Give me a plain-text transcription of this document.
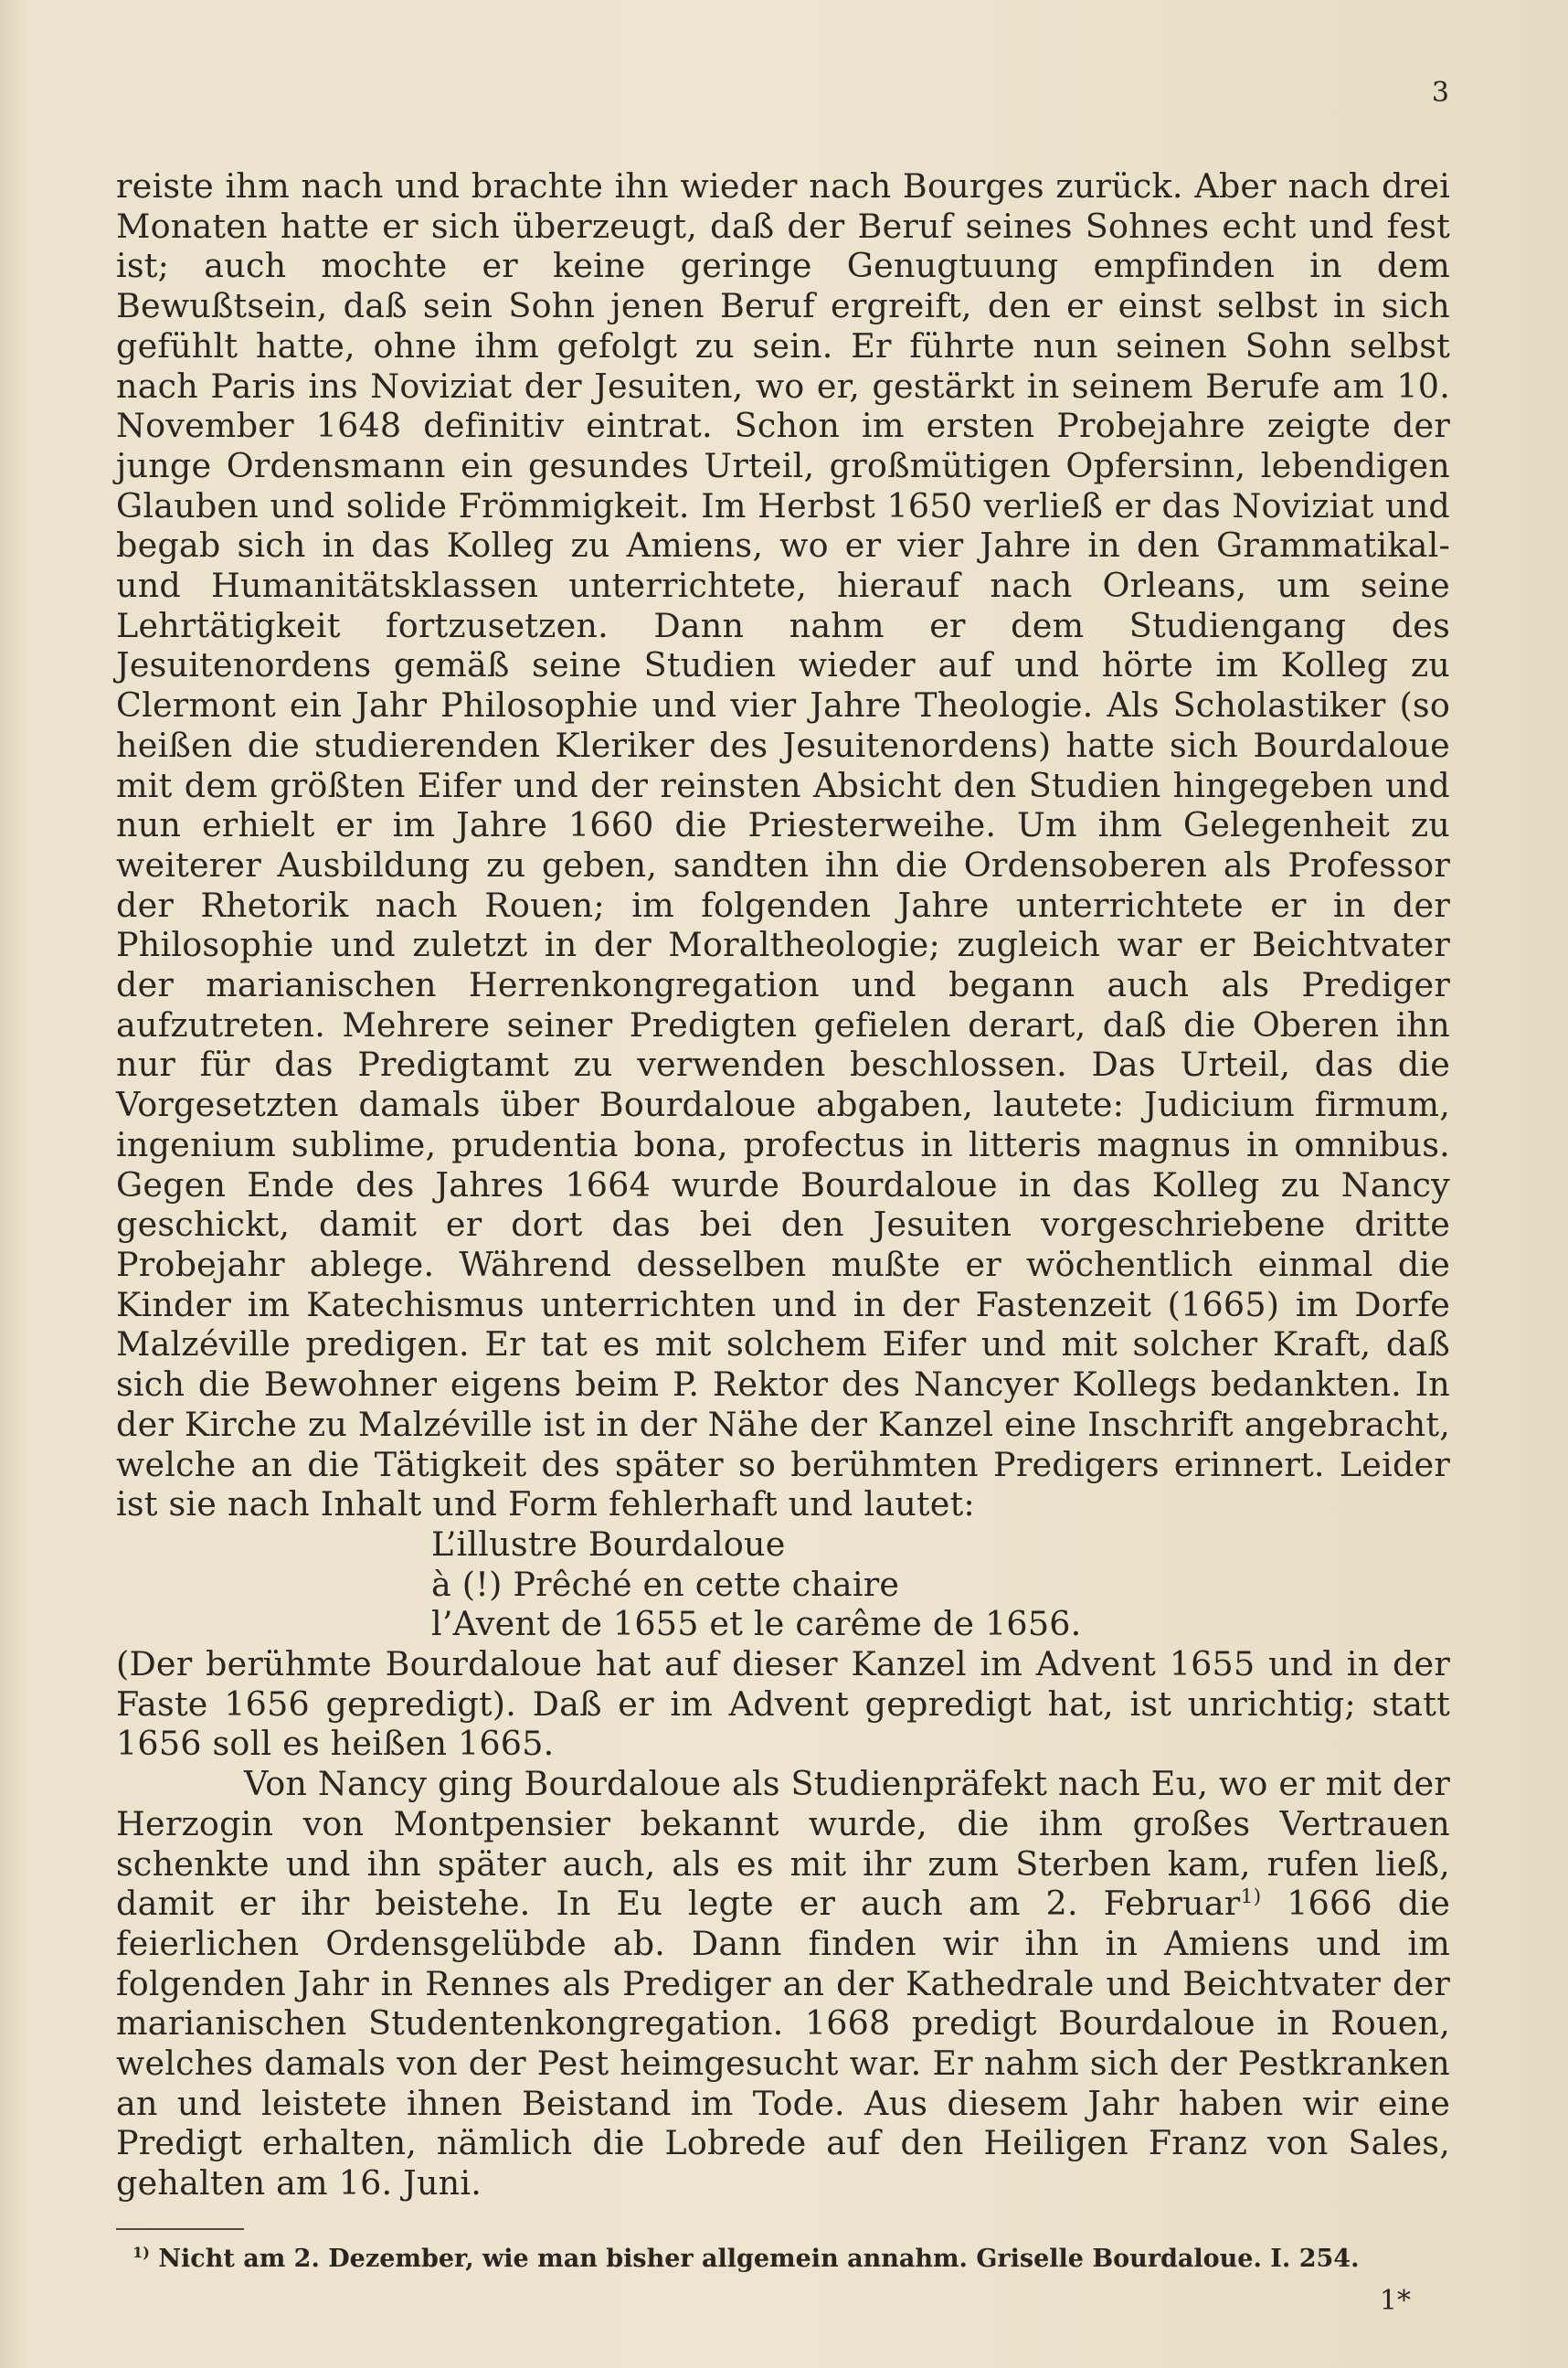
3

reiste ihm nach und brachte ihn wieder nach Bourges zurück. Aber nach drei Monaten hatte er sich überzeugt, daß der Beruf seines Sohnes echt und fest ist; auch mochte er keine geringe Genugtuung empfinden in dem Bewußtsein, daß sein Sohn jenen Beruf ergreift, den er einst selbst in sich gefühlt hatte, ohne ihm gefolgt zu sein. Er führte nun seinen Sohn selbst nach Paris ins Noviziat der Jesuiten, wo er, gestärkt in seinem Berufe am 10. November 1648 definitiv eintrat. Schon im ersten Probejahre zeigte der junge Ordensmann ein gesundes Urteil, großmütigen Opfersinn, lebendigen Glauben und solide Frömmigkeit. Im Herbst 1650 verließ er das Noviziat und begab sich in das Kolleg zu Amiens, wo er vier Jahre in den Grammatikal- und Humanitätsklassen unterrichtete, hierauf nach Orleans, um seine Lehrtätigkeit fortzusetzen. Dann nahm er dem Studiengang des Jesuitenordens gemäß seine Studien wieder auf und hörte im Kolleg zu Clermont ein Jahr Philosophie und vier Jahre Theologie. Als Scholastiker (so heißen die studierenden Kleriker des Jesuitenordens) hatte sich Bourdaloue mit dem größten Eifer und der reinsten Absicht den Studien hingegeben und nun erhielt er im Jahre 1660 die Priesterweihe. Um ihm Gelegenheit zu weiterer Ausbildung zu geben, sandten ihn die Ordensoberen als Professor der Rhetorik nach Rouen; im folgenden Jahre unterrichtete er in der Philosophie und zuletzt in der Moraltheologie; zugleich war er Beichtvater der marianischen Herrenkongregation und begann auch als Prediger aufzutreten. Mehrere seiner Predigten gefielen derart, daß die Oberen ihn nur für das Predigtamt zu verwenden beschlossen. Das Urteil, das die Vorgesetzten damals über Bourdaloue abgaben, lautete: Judicium firmum, ingenium sublime, prudentia bona, profectus in litteris magnus in omnibus. Gegen Ende des Jahres 1664 wurde Bourdaloue in das Kolleg zu Nancy geschickt, damit er dort das bei den Jesuiten vorgeschriebene dritte Probejahr ablege. Während desselben mußte er wöchentlich einmal die Kinder im Katechismus unterrichten und in der Fastenzeit (1665) im Dorfe Malzéville predigen. Er tat es mit solchem Eifer und mit solcher Kraft, daß sich die Bewohner eigens beim P. Rektor des Nancyer Kollegs bedankten. In der Kirche zu Malzéville ist in der Nähe der Kanzel eine Inschrift angebracht, welche an die Tätigkeit des später so berühmten Predigers erinnert. Leider ist sie nach Inhalt und Form fehlerhaft und lautet:

L’illustre Bourdaloue
à (!) Prêché en cette chaire
l’Avent de 1655 et le carême de 1656.

(Der berühmte Bourdaloue hat auf dieser Kanzel im Advent 1655 und in der Faste 1656 gepredigt). Daß er im Advent gepredigt hat, ist unrichtig; statt 1656 soll es heißen 1665.

Von Nancy ging Bourdaloue als Studienpräfekt nach Eu, wo er mit der Herzogin von Montpensier bekannt wurde, die ihm großes Vertrauen schenkte und ihn später auch, als es mit ihr zum Sterben kam, rufen ließ, damit er ihr beistehe. In Eu legte er auch am 2. Februar$^{1)}$ 1666 die feierlichen Ordensgelübde ab. Dann finden wir ihn in Amiens und im folgenden Jahr in Rennes als Prediger an der Kathedrale und Beichtvater der marianischen Studentenkongregation. 1668 predigt Bourdaloue in Rouen, welches damals von der Pest heimgesucht war. Er nahm sich der Pestkranken an und leistete ihnen Beistand im Tode. Aus diesem Jahr haben wir eine Predigt erhalten, nämlich die Lobrede auf den Heiligen Franz von Sales, gehalten am 16. Juni.

$^{1)}$ Nicht am 2. Dezember, wie man bisher allgemein annahm. Griselle Bourdaloue. I. 254.
1*
